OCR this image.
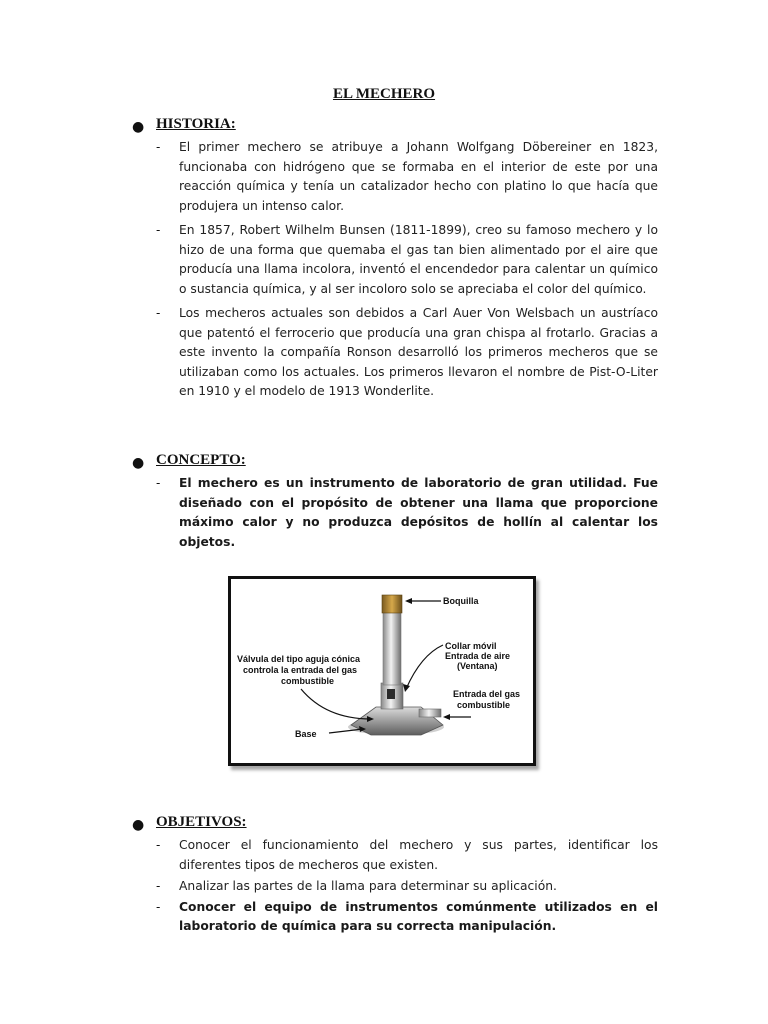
EL MECHERO
● HISTORIA:
- El primer mechero se atribuye a Johann Wolfgang Döbereiner en 1823, funcionaba con hidrógeno que se formaba en el interior de este por una reacción química y tenía un catalizador hecho con platino lo que hacía que produjera un intenso calor.
- En 1857, Robert Wilhelm Bunsen (1811-1899), creo su famoso mechero y lo hizo de una forma que quemaba el gas tan bien alimentado por el aire que producía una llama incolora, inventó el encendedor para calentar un químico o sustancia química, y al ser incoloro solo se apreciaba el color del químico.
- Los mecheros actuales son debidos a Carl Auer Von Welsbach un austríaco que patentó el ferrocerio que producía una gran chispa al frotarlo. Gracias a este invento la compañía Ronson desarrolló los primeros mecheros que se utilizaban como los actuales. Los primeros llevaron el nombre de Pist-O-Liter en 1910 y el modelo de 1913 Wonderlite.
● CONCEPTO:
- El mechero es un instrumento de laboratorio de gran utilidad. Fue diseñado con el propósito de obtener una llama que proporcione máximo calor y no produzca depósitos de hollín al calentar los objetos.
Boquilla
Collar móvil
Entrada de aire
(Ventana)
Válvula del tipo aguja cónica
controla la entrada del gas
combustible
Entrada del gas
combustible
Base
● OBJETIVOS:
- Conocer el funcionamiento del mechero y sus partes, identificar los diferentes tipos de mecheros que existen.
- Analizar las partes de la llama para determinar su aplicación.
- Conocer el equipo de instrumentos comúnmente utilizados en el laboratorio de química para su correcta manipulación.
